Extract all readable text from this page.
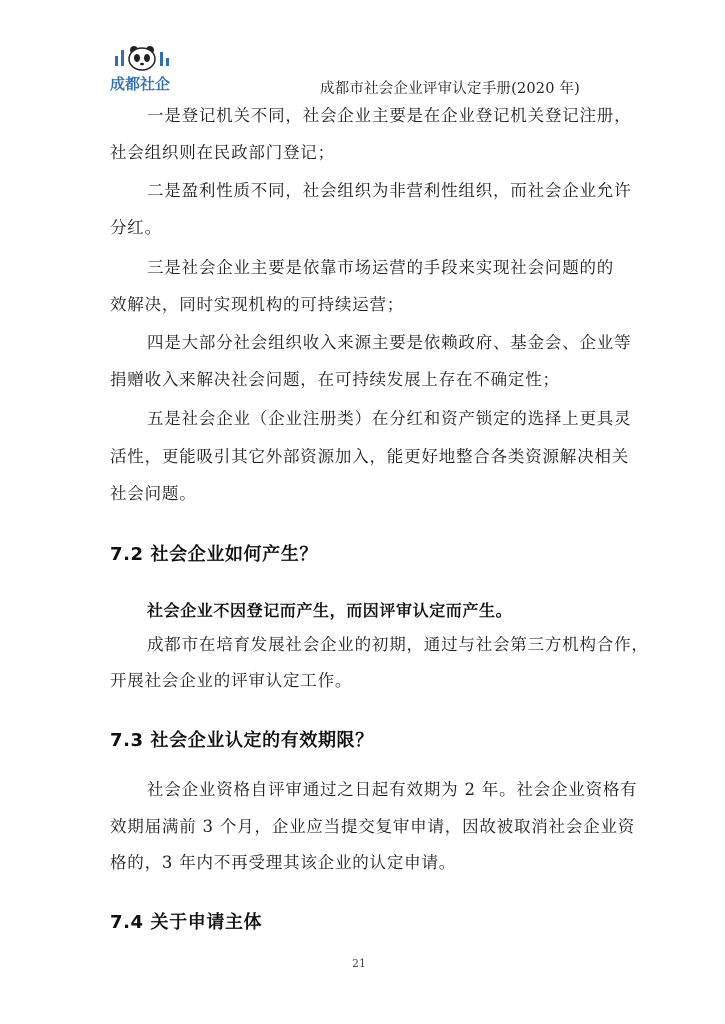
成都社企	成都市社会企业评审认定手册(2020 年)
一是登记机关不同，社会企业主要是在企业登记机关登记注册，
社会组织则在民政部门登记；
二是盈利性质不同，社会组织为非营利性组织，而社会企业允许
分红。
三是社会企业主要是依靠市场运营的手段来实现社会问题的的
效解决，同时实现机构的可持续运营；
四是大部分社会组织收入来源主要是依赖政府、基金会、企业等
捐赠收入来解决社会问题，在可持续发展上存在不确定性；
五是社会企业（企业注册类）在分红和资产锁定的选择上更具灵
活性，更能吸引其它外部资源加入，能更好地整合各类资源解决相关
社会问题。
7.2 社会企业如何产生？
社会企业不因登记而产生，而因评审认定而产生。
成都市在培育发展社会企业的初期，通过与社会第三方机构合作，
开展社会企业的评审认定工作。
7.3 社会企业认定的有效期限？
社会企业资格自评审通过之日起有效期为 2 年。社会企业资格有
效期届满前 3 个月，企业应当提交复审申请，因故被取消社会企业资
格的，3 年内不再受理其该企业的认定申请。
7.4 关于申请主体
21
